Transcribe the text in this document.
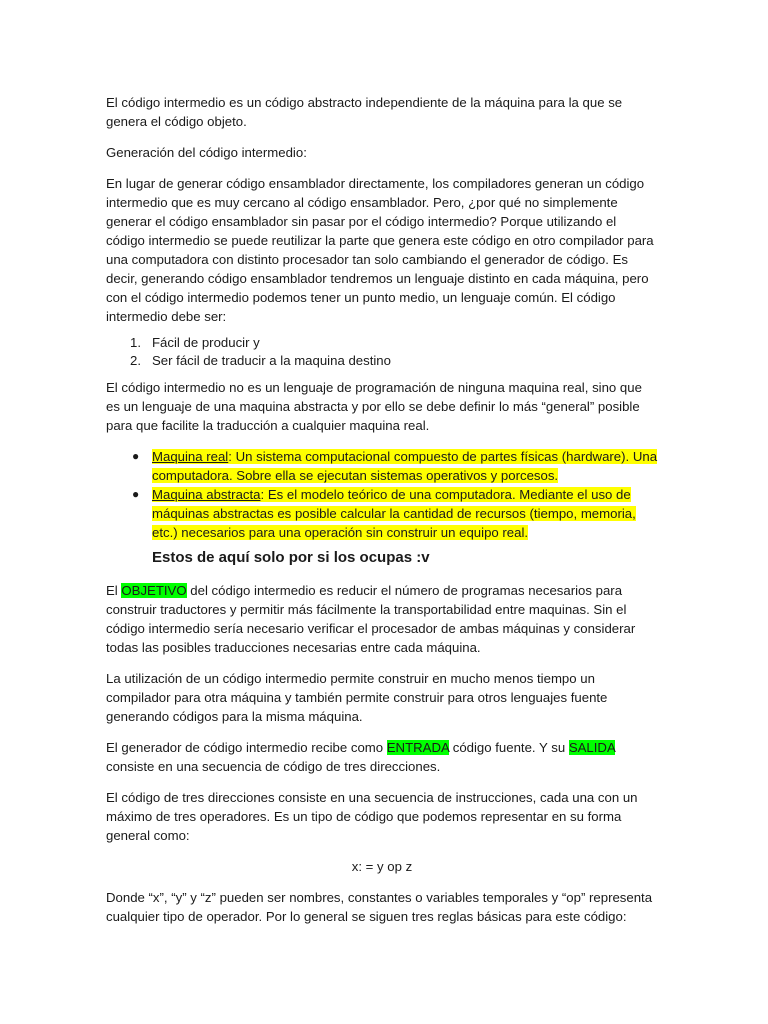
El código intermedio es un código abstracto independiente de la máquina para la que se genera el código objeto.

Generación del código intermedio:

En lugar de generar código ensamblador directamente, los compiladores generan un código intermedio que es muy cercano al código ensamblador. Pero, ¿por qué no simplemente generar el código ensamblador sin pasar por el código intermedio? Porque utilizando el código intermedio se puede reutilizar la parte que genera este código en otro compilador para una computadora con distinto procesador tan solo cambiando el generador de código. Es decir, generando código ensamblador tendremos un lenguaje distinto en cada máquina, pero con el código intermedio podemos tener un punto medio, un lenguaje común. El código intermedio debe ser:

1. Fácil de producir y
2. Ser fácil de traducir a la maquina destino

El código intermedio no es un lenguaje de programación de ninguna maquina real, sino que es un lenguaje de una maquina abstracta y por ello se debe definir lo más “general” posible para que facilite la traducción a cualquier maquina real.

● Maquina real: Un sistema computacional compuesto de partes físicas (hardware). Una computadora. Sobre ella se ejecutan sistemas operativos y porcesos.
● Maquina abstracta: Es el modelo teórico de una computadora. Mediante el uso de máquinas abstractas es posible calcular la cantidad de recursos (tiempo, memoria, etc.) necesarios para una operación sin construir un equipo real.
Estos de aquí solo por si los ocupas :v

El OBJETIVO del código intermedio es reducir el número de programas necesarios para construir traductores y permitir más fácilmente la transportabilidad entre maquinas. Sin el código intermedio sería necesario verificar el procesador de ambas máquinas y considerar todas las posibles traducciones necesarias entre cada máquina.

La utilización de un código intermedio permite construir en mucho menos tiempo un compilador para otra máquina y también permite construir para otros lenguajes fuente generando códigos para la misma máquina.

El generador de código intermedio recibe como ENTRADA código fuente. Y su SALIDA consiste en una secuencia de código de tres direcciones.

El código de tres direcciones consiste en una secuencia de instrucciones, cada una con un máximo de tres operadores. Es un tipo de código que podemos representar en su forma general como:

x: = y op z

Donde “x”, “y” y “z” pueden ser nombres, constantes o variables temporales y “op” representa cualquier tipo de operador. Por lo general se siguen tres reglas básicas para este código:
